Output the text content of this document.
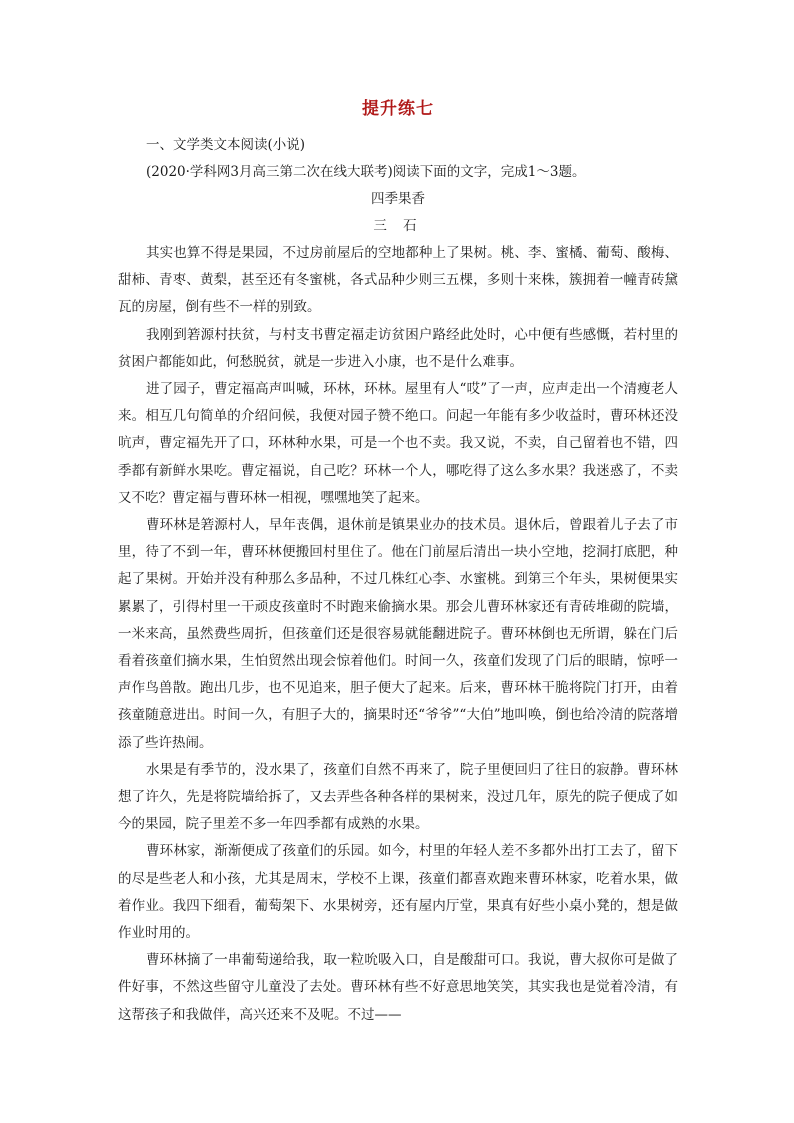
提升练七

一、文学类文本阅读(小说)

(2020·学科网3月高三第二次在线大联考)阅读下面的文字，完成1～3题。

四季果香

三 石

其实也算不得是果园，不过房前屋后的空地都种上了果树。桃、李、蜜橘、葡萄、酸梅、甜柿、青枣、黄梨，甚至还有冬蜜桃，各式品种少则三五棵，多则十来株，簇拥着一幢青砖黛瓦的房屋，倒有些不一样的别致。

我刚到箬源村扶贫，与村支书曹定福走访贫困户路经此处时，心中便有些感慨，若村里的贫困户都能如此，何愁脱贫，就是一步进入小康，也不是什么难事。

进了园子，曹定福高声叫喊，环林，环林。屋里有人“哎”了一声，应声走出一个清瘦老人来。相互几句简单的介绍问候，我便对园子赞不绝口。问起一年能有多少收益时，曹环林还没吭声，曹定福先开了口，环林种水果，可是一个也不卖。我又说，不卖，自己留着也不错，四季都有新鲜水果吃。曹定福说，自己吃？环林一个人，哪吃得了这么多水果？我迷惑了，不卖又不吃？曹定福与曹环林一相视，嘿嘿地笑了起来。

曹环林是箬源村人，早年丧偶，退休前是镇果业办的技术员。退休后，曾跟着儿子去了市里，待了不到一年，曹环林便搬回村里住了。他在门前屋后清出一块小空地，挖洞打底肥，种起了果树。开始并没有种那么多品种，不过几株红心李、水蜜桃。到第三个年头，果树便果实累累了，引得村里一干顽皮孩童时不时跑来偷摘水果。那会儿曹环林家还有青砖堆砌的院墙，一米来高，虽然费些周折，但孩童们还是很容易就能翻进院子。曹环林倒也无所谓，躲在门后看着孩童们摘水果，生怕贸然出现会惊着他们。时间一久，孩童们发现了门后的眼睛，惊呼一声作鸟兽散。跑出几步，也不见追来，胆子便大了起来。后来，曹环林干脆将院门打开，由着孩童随意进出。时间一久，有胆子大的，摘果时还“爷爷”“大伯”地叫唤，倒也给冷清的院落增添了些许热闹。

水果是有季节的，没水果了，孩童们自然不再来了，院子里便回归了往日的寂静。曹环林想了许久，先是将院墙给拆了，又去弄些各种各样的果树来，没过几年，原先的院子便成了如今的果园，院子里差不多一年四季都有成熟的水果。

曹环林家，渐渐便成了孩童们的乐园。如今，村里的年轻人差不多都外出打工去了，留下的尽是些老人和小孩，尤其是周末，学校不上课，孩童们都喜欢跑来曹环林家，吃着水果，做着作业。我四下细看，葡萄架下、水果树旁，还有屋内厅堂，果真有好些小桌小凳的，想是做作业时用的。

曹环林摘了一串葡萄递给我，取一粒吮吸入口，自是酸甜可口。我说，曹大叔你可是做了件好事，不然这些留守儿童没了去处。曹环林有些不好意思地笑笑，其实我也是觉着冷清，有这帮孩子和我做伴，高兴还来不及呢。不过——
